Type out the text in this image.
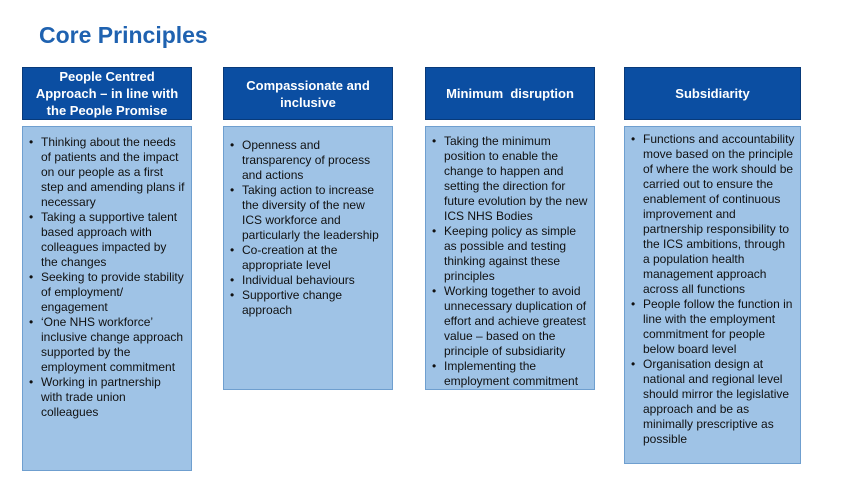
Core Principles
People Centred Approach – in line with the People Promise
• Thinking about the needs of patients and the impact on our people as a first step and amending plans if necessary
• Taking a supportive talent based approach with colleagues impacted by the changes
• Seeking to provide stability of employment/ engagement
• ‘One NHS workforce’ inclusive change approach supported by the employment commitment
• Working in partnership with trade union colleagues
Compassionate and inclusive
• Openness and transparency of process and actions
• Taking action to increase the diversity of the new ICS workforce and particularly the leadership
• Co-creation at the appropriate level
• Individual behaviours
• Supportive change approach
Minimum  disruption
• Taking the minimum position to enable the change to happen and setting the direction for future evolution by the new ICS NHS Bodies
• Keeping policy as simple as possible and testing thinking against these principles
• Working together to avoid unnecessary duplication of effort and achieve greatest value – based on the principle of subsidiarity
• Implementing the employment commitment
Subsidiarity
• Functions and accountability move based on the principle of where the work should be carried out to ensure the enablement of continuous improvement and partnership responsibility to the ICS ambitions, through a population health management approach across all functions
• People follow the function in line with the employment commitment for people below board level
• Organisation design at national and regional level should mirror the legislative approach and be as minimally prescriptive as possible
